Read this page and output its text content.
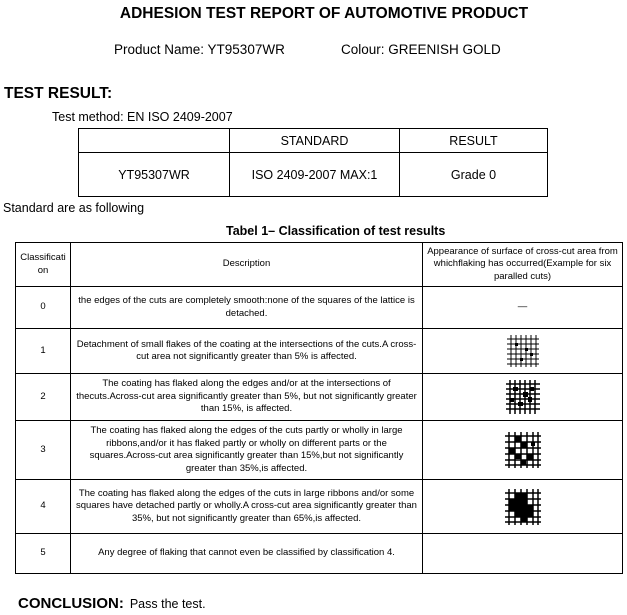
ADHESION TEST REPORT OF AUTOMOTIVE PRODUCT
Product Name: YT95307WR	Colour: GREENISH GOLD
TEST RESULT:
Test method: EN ISO 2409-2007
	STANDARD	RESULT
YT95307WR	ISO 2409-2007 MAX:1	Grade 0
Standard are as following
Tabel 1– Classification of test results
Classification	Description	Appearance of surface of cross-cut area from whichflaking has occurred(Example for six paralled cuts)
0	the edges of the cuts are completely smooth:none of the squares of the lattice is detached.	—
1	Detachment of small flakes of the coating at the intersections of the cuts.A cross-cut area not significantly greater than 5% is affected.	
2	The coating has flaked along the edges and/or at the intersections of thecuts.Across-cut area significantly greater than 5%, but not significantly greater than 15%, is affected.	
3	The coating has flaked along the edges of the cuts partly or wholly in large ribbons,and/or it has flaked partly or wholly on different parts or the squares.Across-cut area significantly greater than 15%,but not significantly greater than 35%,is affected.	
4	The coating has flaked along the edges of the cuts in large ribbons and/or some squares have detached partly or wholly.A cross-cut area significantly greater than 35%, but not significantly greater than 65%,is affected.	
5	Any degree of flaking that cannot even be classified by classification 4.	
CONCLUSION: Pass the test.
